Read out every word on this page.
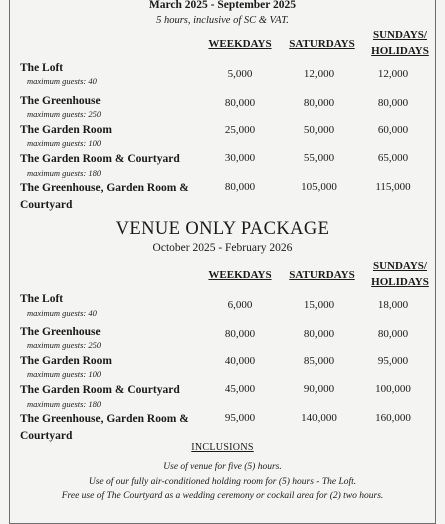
March 2025 - September 2025
5 hours, inclusive of SC & VAT.
WEEKDAYS	SATURDAYS
SUNDAYS/
HOLIDAYS
The Loft
maximum guests: 40
5,000	12,000	12,000
The Greenhouse
maximum guests: 250
80,000	80,000	80,000
The Garden Room
maximum guests: 100
25,000	50,000	60,000
The Garden Room & Courtyard
maximum guests: 180
30,000	55,000	65,000
The Greenhouse, Garden Room &
Courtyard
80,000	105,000	115,000
VENUE ONLY PACKAGE
October 2025 - February 2026
WEEKDAYS	SATURDAYS
SUNDAYS/
HOLIDAYS
The Loft
maximum guests: 40
6,000	15,000	18,000
The Greenhouse
maximum guests: 250
80,000	80,000	80,000
The Garden Room
maximum guests: 100
40,000	85,000	95,000
The Garden Room & Courtyard
maximum guests: 180
45,000	90,000	100,000
The Greenhouse, Garden Room &
Courtyard
95,000	140,000	160,000
INCLUSIONS
Use of venue for five (5) hours.
Use of our fully air-conditioned holding room for (5) hours - The Loft.
Free use of The Courtyard as a wedding ceremony or cockail area for (2) two hours.
